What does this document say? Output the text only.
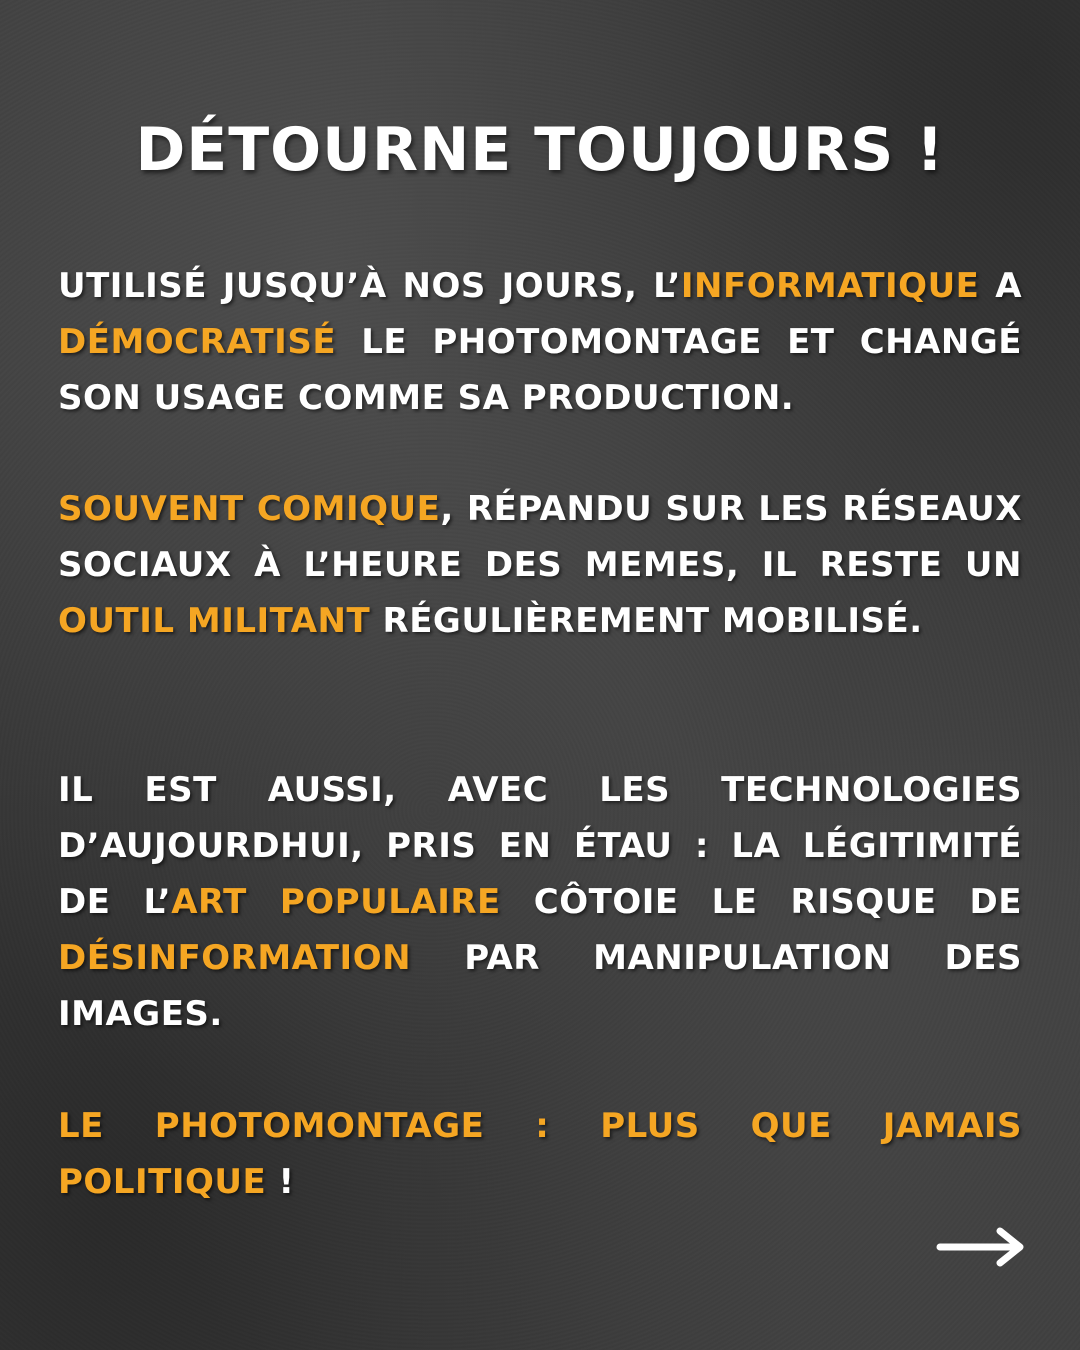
DÉTOURNE TOUJOURS !

UTILISÉ JUSQU’À NOS JOURS, L’INFORMATIQUE A DÉMOCRATISÉ LE PHOTOMONTAGE ET CHANGÉ SON USAGE COMME SA PRODUCTION.

SOUVENT COMIQUE, RÉPANDU SUR LES RÉSEAUX SOCIAUX À L’HEURE DES MEMES, IL RESTE UN OUTIL MILITANT RÉGULIÈREMENT MOBILISÉ.

IL EST AUSSI, AVEC LES TECHNOLOGIES D’AUJOURDHUI, PRIS EN ÉTAU : LA LÉGITIMITÉ DE L’ART POPULAIRE CÔTOIE LE RISQUE DE DÉSINFORMATION PAR MANIPULATION DES IMAGES.

LE PHOTOMONTAGE : PLUS QUE JAMAIS POLITIQUE !
